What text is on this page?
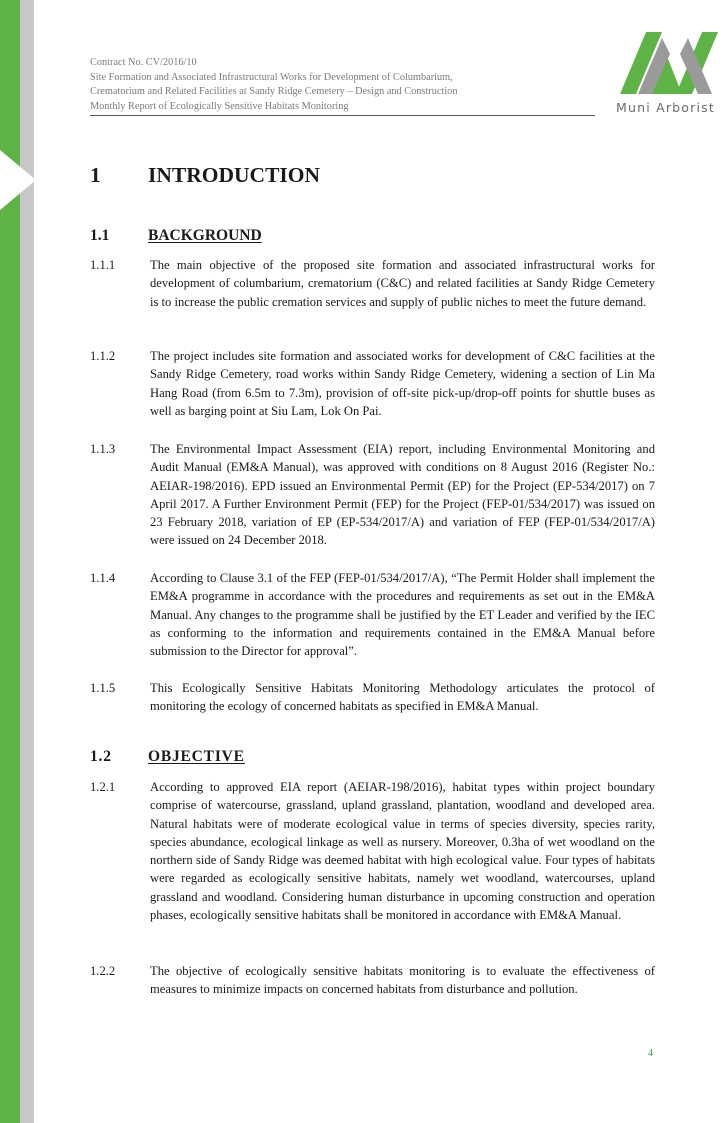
Contract No. CV/2016/10
Site Formation and Associated Infrastructural Works for Development of Columbarium,
Crematorium and Related Facilities at Sandy Ridge Cemetery – Design and Construction
Monthly Report of Ecologically Sensitive Habitats Monitoring	Muni Arborist
1 INTRODUCTION
1.1 BACKGROUND
1.1.1	The main objective of the proposed site formation and associated infrastructural works for development of columbarium, crematorium (C&C) and related facilities at Sandy Ridge Cemetery is to increase the public cremation services and supply of public niches to meet the future demand.
1.1.2	The project includes site formation and associated works for development of C&C facilities at the Sandy Ridge Cemetery, road works within Sandy Ridge Cemetery, widening a section of Lin Ma Hang Road (from 6.5m to 7.3m), provision of off-site pick-up/drop-off points for shuttle buses as well as barging point at Siu Lam, Lok On Pai.
1.1.3	The Environmental Impact Assessment (EIA) report, including Environmental Monitoring and Audit Manual (EM&A Manual), was approved with conditions on 8 August 2016 (Register No.: AEIAR-198/2016). EPD issued an Environmental Permit (EP) for the Project (EP-534/2017) on 7 April 2017. A Further Environment Permit (FEP) for the Project (FEP-01/534/2017) was issued on 23 February 2018, variation of EP (EP-534/2017/A) and variation of FEP (FEP-01/534/2017/A) were issued on 24 December 2018.
1.1.4	According to Clause 3.1 of the FEP (FEP-01/534/2017/A), “The Permit Holder shall implement the EM&A programme in accordance with the procedures and requirements as set out in the EM&A Manual. Any changes to the programme shall be justified by the ET Leader and verified by the IEC as conforming to the information and requirements contained in the EM&A Manual before submission to the Director for approval”.
1.1.5	This Ecologically Sensitive Habitats Monitoring Methodology articulates the protocol of monitoring the ecology of concerned habitats as specified in EM&A Manual.
1.2 OBJECTIVE
1.2.1	According to approved EIA report (AEIAR-198/2016), habitat types within project boundary comprise of watercourse, grassland, upland grassland, plantation, woodland and developed area. Natural habitats were of moderate ecological value in terms of species diversity, species rarity, species abundance, ecological linkage as well as nursery. Moreover, 0.3ha of wet woodland on the northern side of Sandy Ridge was deemed habitat with high ecological value. Four types of habitats were regarded as ecologically sensitive habitats, namely wet woodland, watercourses, upland grassland and woodland. Considering human disturbance in upcoming construction and operation phases, ecologically sensitive habitats shall be monitored in accordance with EM&A Manual.
1.2.2	The objective of ecologically sensitive habitats monitoring is to evaluate the effectiveness of measures to minimize impacts on concerned habitats from disturbance and pollution.
4
